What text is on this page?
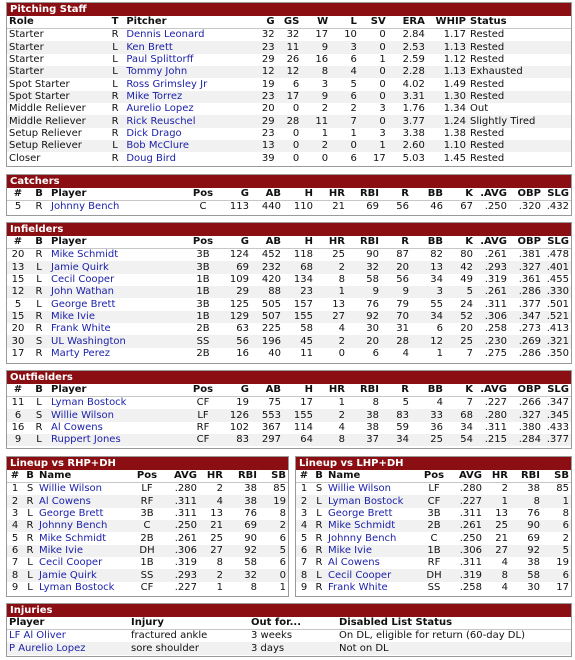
Pitching Staff
Role	T	Pitcher	G	GS	W	L	SV	ERA	WHIP	Status
Starter	R	Dennis Leonard	32	32	17	10	0	2.84	1.17	Rested
Starter	L	Ken Brett	23	11	9	3	0	2.53	1.13	Rested
Starter	L	Paul Splittorff	29	26	16	6	1	2.59	1.12	Rested
Starter	L	Tommy John	12	12	8	4	0	2.28	1.13	Exhausted
Spot Starter	L	Ross Grimsley Jr	19	6	3	5	0	4.02	1.49	Rested
Spot Starter	R	Mike Torrez	23	17	9	6	0	3.31	1.30	Rested
Middle Reliever	R	Aurelio Lopez	20	0	2	2	3	1.76	1.34	Out
Middle Reliever	R	Rick Reuschel	29	28	11	7	0	3.77	1.24	Slightly Tired
Setup Reliever	R	Dick Drago	23	0	1	1	3	3.38	1.38	Rested
Setup Reliever	L	Bob McClure	13	0	2	0	1	2.60	1.10	Rested
Closer	R	Doug Bird	39	0	0	6	17	5.03	1.45	Rested
Catchers
#	B	Player	Pos	G	AB	H	HR	RBI	R	BB	K	.AVG	OBP	SLG
5	R	Johnny Bench	C	113	440	110	21	69	56	46	67	.250	.320	.432
Infielders
#	B	Player	Pos	G	AB	H	HR	RBI	R	BB	K	.AVG	OBP	SLG
20	R	Mike Schmidt	3B	124	452	118	25	90	87	82	80	.261	.381	.478
13	L	Jamie Quirk	3B	69	232	68	2	32	20	13	42	.293	.327	.401
15	L	Cecil Cooper	1B	109	420	134	8	58	56	34	49	.319	.361	.455
12	R	John Wathan	1B	29	88	23	1	9	9	3	5	.261	.286	.330
5	L	George Brett	3B	125	505	157	13	76	79	55	24	.311	.377	.501
15	R	Mike Ivie	1B	129	507	155	27	92	70	34	52	.306	.347	.521
20	R	Frank White	2B	63	225	58	4	30	31	6	20	.258	.273	.413
30	S	UL Washington	SS	56	196	45	2	20	28	12	25	.230	.269	.321
17	R	Marty Perez	2B	16	40	11	0	6	4	1	7	.275	.286	.350
Outfielders
#	B	Player	Pos	G	AB	H	HR	RBI	R	BB	K	.AVG	OBP	SLG
11	L	Lyman Bostock	CF	19	75	17	1	8	5	4	7	.227	.266	.347
6	S	Willie Wilson	LF	126	553	155	2	38	83	33	68	.280	.327	.345
16	R	Al Cowens	RF	102	367	114	4	38	59	36	34	.311	.380	.433
9	L	Ruppert Jones	CF	83	297	64	8	37	34	25	54	.215	.284	.377
Lineup vs RHP+DH
#	B	Name	Pos	AVG	HR	RBI	SB
1	S	Willie Wilson	LF	.280	2	38	85
2	R	Al Cowens	RF	.311	4	38	19
3	L	George Brett	3B	.311	13	76	8
4	R	Johnny Bench	C	.250	21	69	2
5	R	Mike Schmidt	2B	.261	25	90	6
6	R	Mike Ivie	DH	.306	27	92	5
7	L	Cecil Cooper	1B	.319	8	58	6
8	L	Jamie Quirk	SS	.293	2	32	0
9	L	Lyman Bostock	CF	.227	1	8	1
Lineup vs LHP+DH
#	B	Name	Pos	AVG	HR	RBI	SB
1	S	Willie Wilson	LF	.280	2	38	85
2	L	Lyman Bostock	CF	.227	1	8	1
3	L	George Brett	3B	.311	13	76	8
4	R	Mike Schmidt	2B	.261	25	90	6
5	R	Johnny Bench	C	.250	21	69	2
6	R	Mike Ivie	1B	.306	27	92	5
7	R	Al Cowens	RF	.311	4	38	19
8	L	Cecil Cooper	DH	.319	8	58	6
9	R	Frank White	SS	.258	4	30	17
Injuries
Player	Injury	Out for...	Disabled List Status
LF Al Oliver	fractured ankle	3 weeks	On DL, eligible for return (60-day DL)
P Aurelio Lopez	sore shoulder	3 days	Not on DL
